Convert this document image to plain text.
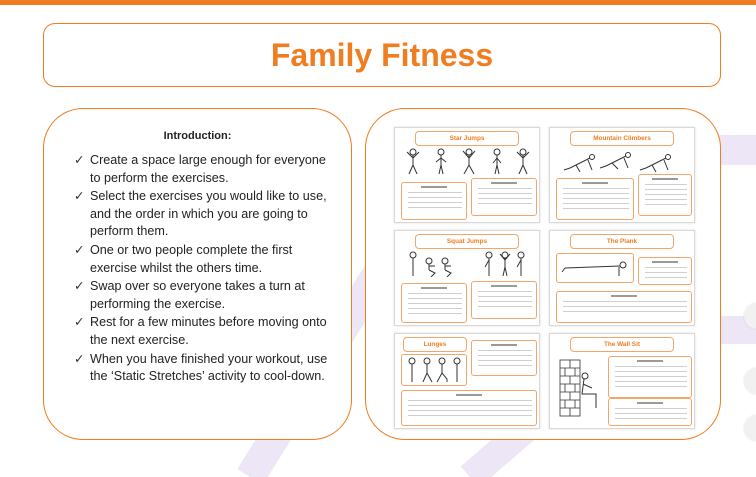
Family Fitness
Introduction:
✓ Create a space large enough for everyone to perform the exercises.
✓ Select the exercises you would like to use, and the order in which you are going to perform them.
✓ One or two people complete the first exercise whilst the others time.
✓ Swap over so everyone takes a turn at performing the exercise.
✓ Rest for a few minutes before moving onto the next exercise.
✓ When you have finished your workout, use the ‘Static Stretches’ activity to cool-down.
Star Jumps	Mountain Climbers
Squat Jumps	The Plank
Lunges	The Wall Sit
